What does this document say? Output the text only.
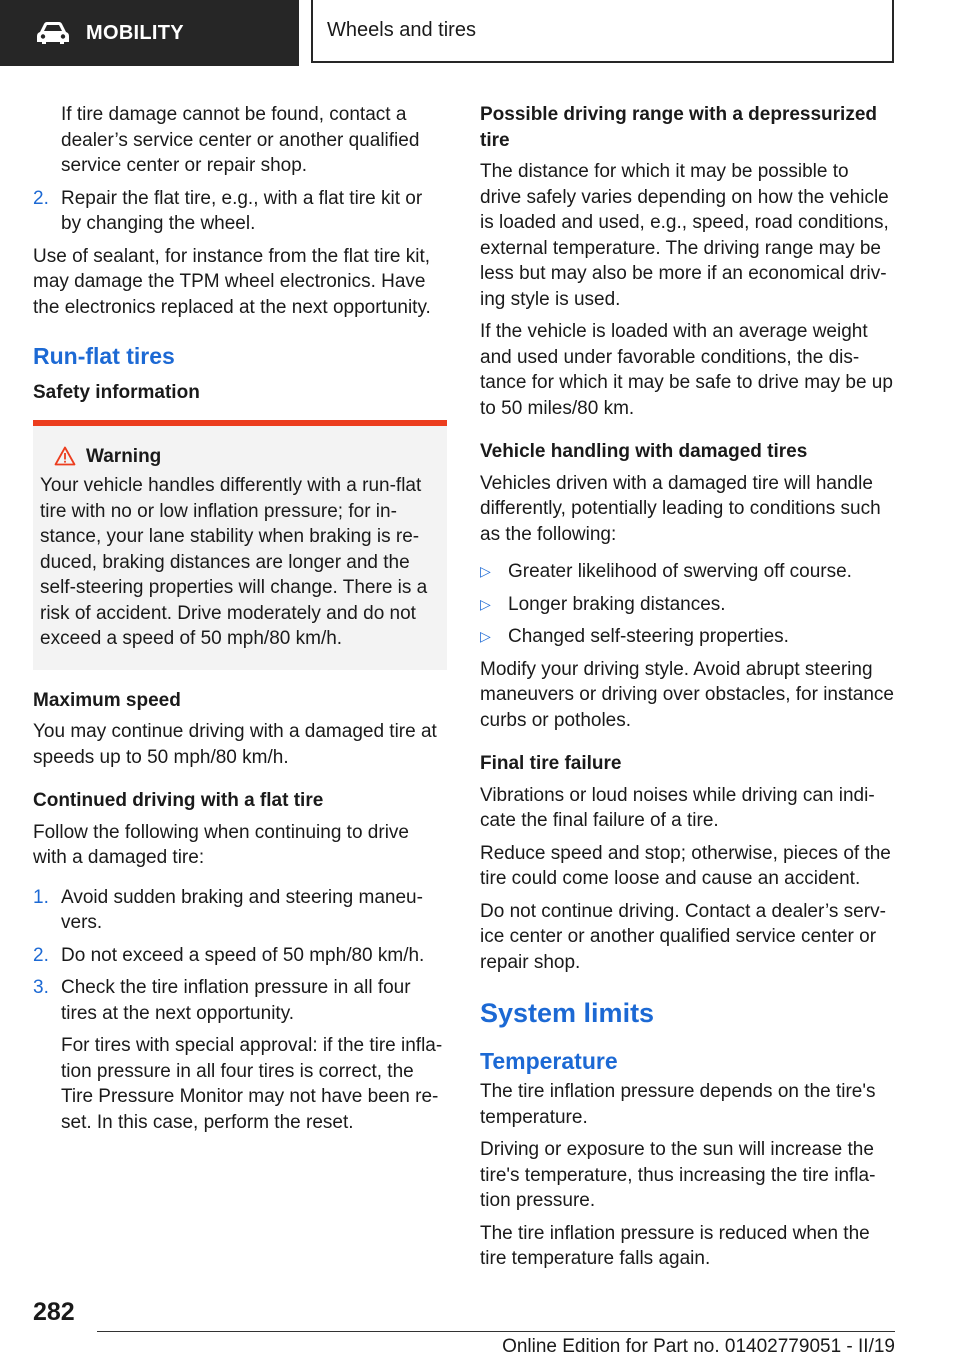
MOBILITY	Wheels and tires

If tire damage cannot be found, contact a dealer’s service center or another qualified service center or repair shop.

2. Repair the flat tire, e.g., with a flat tire kit or by changing the wheel.

Use of sealant, for instance from the flat tire kit, may damage the TPM wheel electronics. Have the electronics replaced at the next opportunity.

Run-flat tires
Safety information
Warning

Your vehicle handles differently with a run-flat tire with no or low inflation pressure; for in‐ stance, your lane stability when braking is re‐ duced, braking distances are longer and the self-steering properties will change. There is a risk of accident. Drive moderately and do not exceed a speed of 50 mph/80 km/h.

Maximum speed

You may continue driving with a damaged tire at speeds up to 50 mph/80 km/h.

Continued driving with a flat tire

Follow the following when continuing to drive with a damaged tire:

1. Avoid sudden braking and steering maneu‐ vers.
2. Do not exceed a speed of 50 mph/80 km/h.
3. Check the tire inflation pressure in all four tires at the next opportunity.

For tires with special approval: if the tire infla‐ tion pressure in all four tires is correct, the Tire Pressure Monitor may not have been re‐ set. In this case, perform the reset.

Possible driving range with a depressurized tire

The distance for which it may be possible to drive safely varies depending on how the vehicle is loaded and used, e.g., speed, road conditions, external temperature. The driving range may be less but may also be more if an economical driv‐ ing style is used.

If the vehicle is loaded with an average weight and used under favorable conditions, the dis‐ tance for which it may be safe to drive may be up to 50 miles/80 km.

Vehicle handling with damaged tires

Vehicles driven with a damaged tire will handle differently, potentially leading to conditions such as the following:

▷ Greater likelihood of swerving off course.
▷ Longer braking distances.
▷ Changed self-steering properties.

Modify your driving style. Avoid abrupt steering maneuvers or driving over obstacles, for instance curbs or potholes.

Final tire failure

Vibrations or loud noises while driving can indi‐ cate the final failure of a tire.

Reduce speed and stop; otherwise, pieces of the tire could come loose and cause an accident.

Do not continue driving. Contact a dealer’s serv‐ ice center or another qualified service center or repair shop.

System limits
Temperature

The tire inflation pressure depends on the tire's temperature.

Driving or exposure to the sun will increase the tire's temperature, thus increasing the tire infla‐ tion pressure.

The tire inflation pressure is reduced when the tire temperature falls again.

282
Online Edition for Part no. 01402779051 - II/19
